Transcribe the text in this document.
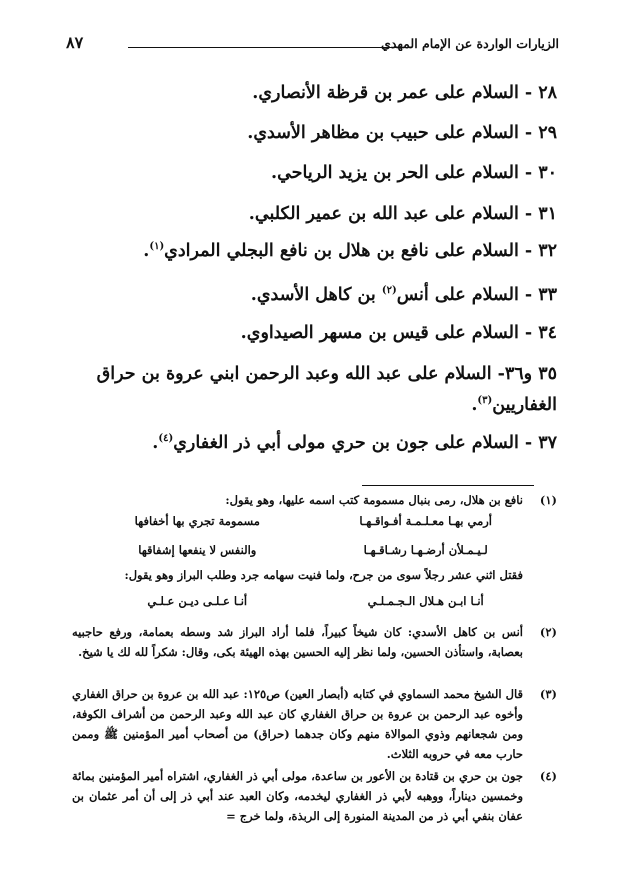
الزيارات الواردة عن الإمام المهدي
٨٧
٢٨ -السلام على عمر بن قرظة الأنصاري.
٢٩ -السلام على حبيب بن مظاهر الأسدي.
٣٠ -السلام على الحر بن يزيد الرياحي.
٣١ -السلام على عبد الله بن عمير الكلبي.
٣٢ -السلام على نافع بن هلال بن نافع البجلي المرادي$^{(١)}$.
٣٣ -السلام على أنس$^{(٢)}$ بن كاهل الأسدي.
٣٤ -السلام على قيس بن مسهر الصيداوي.
٣٥ و٣٦-السلام على عبد الله وعبد الرحمن ابني عروة بن حراق الغفاريين$^{(٣)}$.
٣٧ -السلام على جون بن حري مولى أبي ذر الغفاري$^{(٤)}$.
(١)
نافع بن هلال، رمى بنبال مسمومة كتب اسمه عليها، وهو يقول:
أرمي بهـا معـلـمـة أفـواقـهـا
مسمومة تجري بها أخفافها
لـيـمـلأن أرضـهـا رشـاقـهـا
والنفس لا ينفعها إشفاقها
فقتل اثني عشر رجلاً سوى من جرح، ولما فنيت سهامه جرد وطلب البراز وهو يقول:
أنـا ابـن هـلال الـجـمـلـي
أنـا عـلـى ديـن عـلـي
(٢)
أنس بن كاهل الأسدي: كان شيخاً كبيراً، فلما أراد البراز شد وسطه بعمامة، ورفع حاجبيه بعصابة، واستأذن الحسين، ولما نظر إليه الحسين بهذه الهيئة بكى، وقال: شكراً لله لك يا شيخ.
(٣)
قال الشيخ محمد السماوي في كتابه (أبصار العين) ص١٢٥: عبد الله بن عروة بن حراق الغفاري وأخوه عبد الرحمن بن عروة بن حراق الغفاري كان عبد الله وعبد الرحمن من أشراف الكوفة، ومن شجعانهم وذوي الموالاة منهم وكان جدهما (حراق) من أصحاب أمير المؤمنين ﷺ وممن حارب معه في حروبه الثلاث.
(٤)
جون بن حري بن قتادة بن الأعور بن ساعدة، مولى أبي ذر الغفاري، اشتراه أمير المؤمنين بمائة وخمسين ديناراً، ووهبه لأبي ذر الغفاري ليخدمه، وكان العبد عند أبي ذر إلى أن أمر عثمان بن عفان بنفي أبي ذر من المدينة المنورة إلى الربذة، ولما خرج =
